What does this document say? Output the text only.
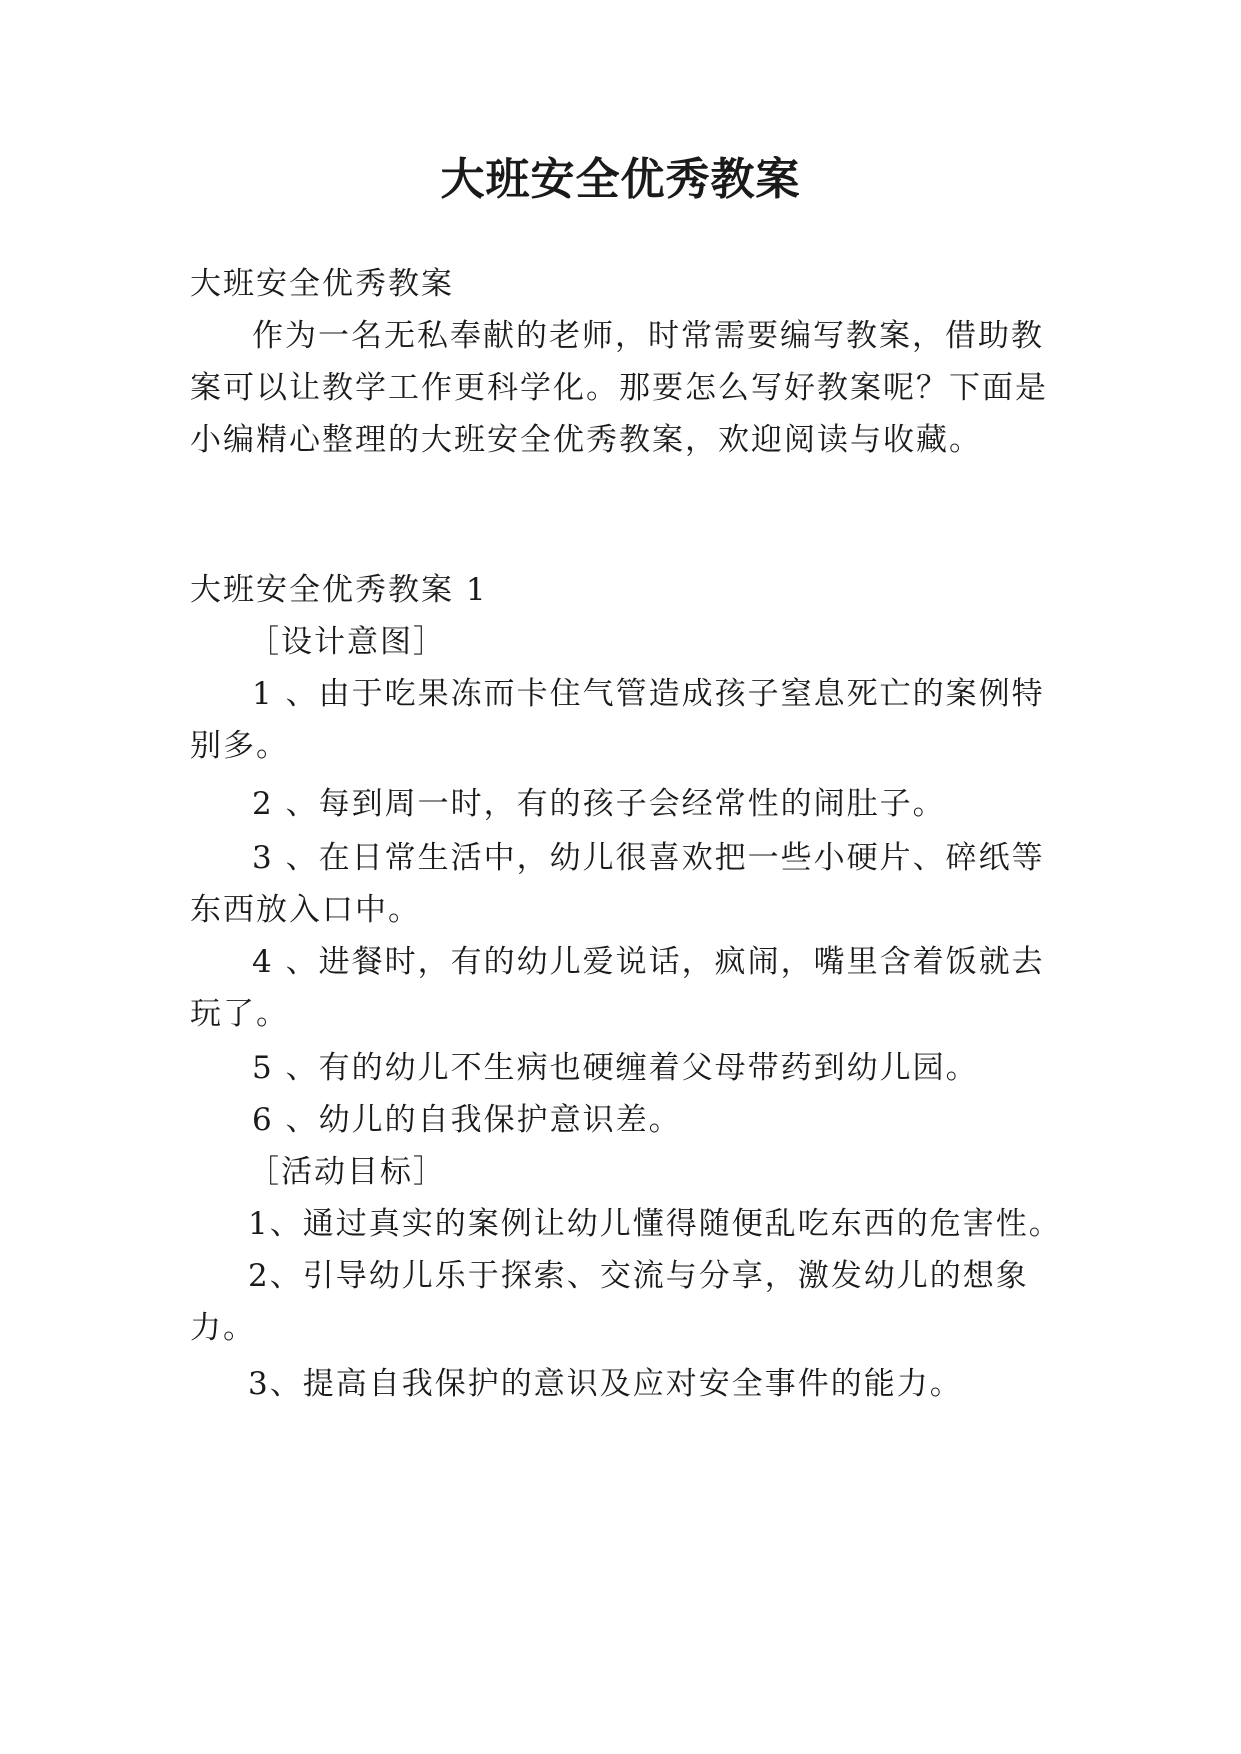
大班安全优秀教案

大班安全优秀教案

作为一名无私奉献的老师，时常需要编写教案，借助教

案可以让教学工作更科学化。那要怎么写好教案呢？下面是

小编精心整理的大班安全优秀教案，欢迎阅读与收藏。

大班安全优秀教案 1

［设计意图］

1 、由于吃果冻而卡住气管造成孩子窒息死亡的案例特

别多。

2 、每到周一时，有的孩子会经常性的闹肚子。

3 、在日常生活中，幼儿很喜欢把一些小硬片、碎纸等

东西放入口中。

4 、进餐时，有的幼儿爱说话，疯闹，嘴里含着饭就去

玩了。

5 、有的幼儿不生病也硬缠着父母带药到幼儿园。

6 、幼儿的自我保护意识差。

［活动目标］

1、通过真实的案例让幼儿懂得随便乱吃东西的危害性。

2、引导幼儿乐于探索、交流与分享，激发幼儿的想象

力。

3、提高自我保护的意识及应对安全事件的能力。
